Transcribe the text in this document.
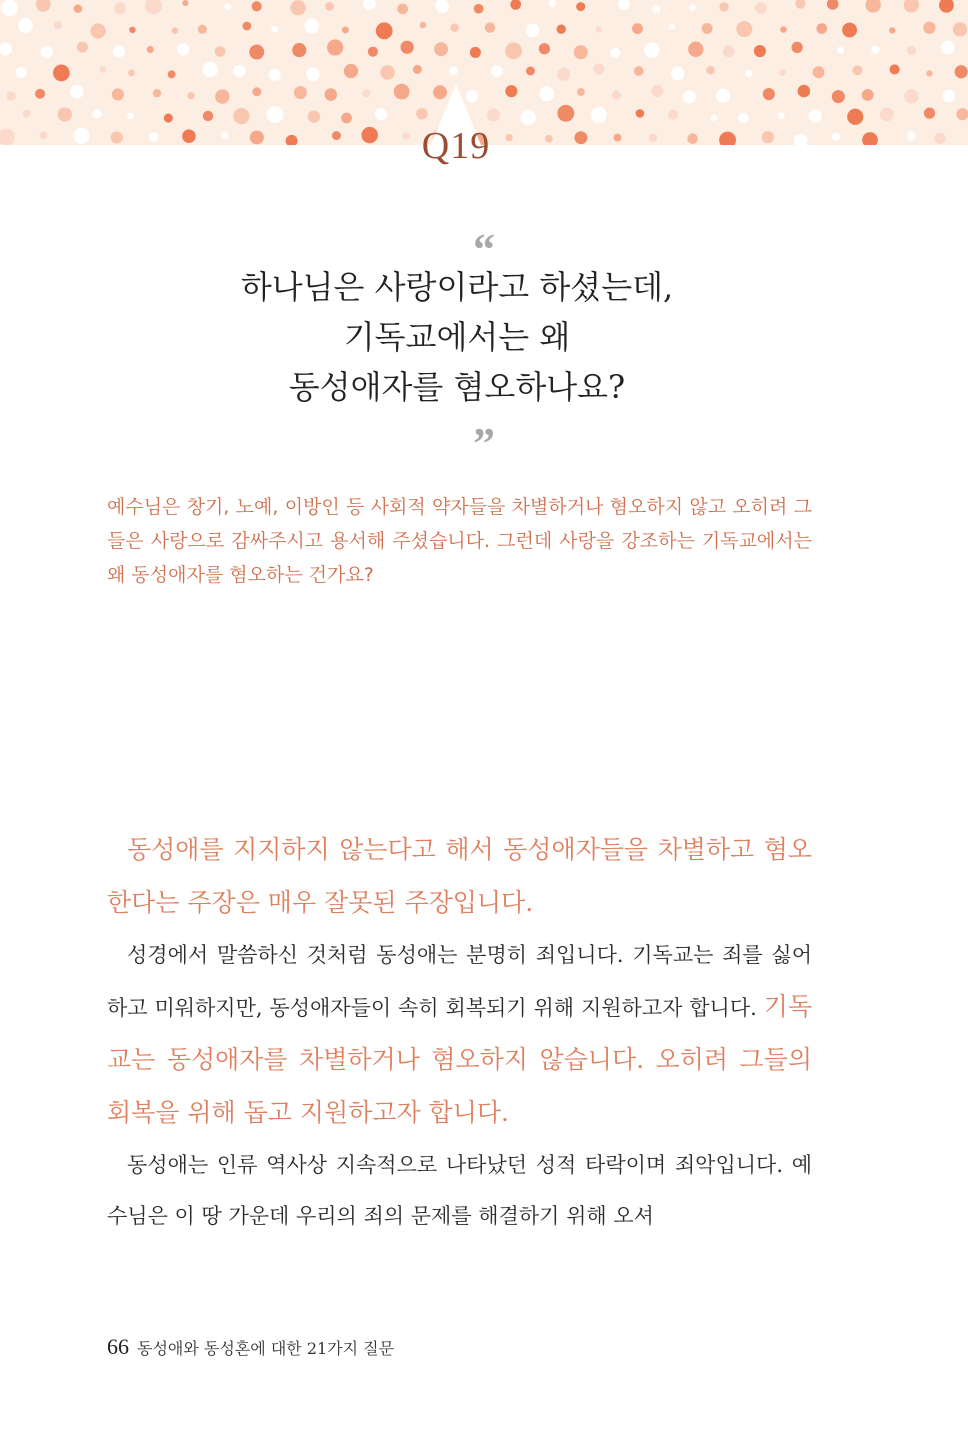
Q19
“
하나님은 사랑이라고 하셨는데,
기독교에서는 왜
동성애자를 혐오하나요?
”

예수님은 창기, 노예, 이방인 등 사회적 약자들을 차별하거나 혐오하지 않고 오히려 그들은 사랑으로 감싸주시고 용서해 주셨습니다. 그런데 사랑을 강조하는 기독교에서는 왜 동성애자를 혐오하는 건가요?

동성애를 지지하지 않는다고 해서 동성애자들을 차별하고 혐오한다는 주장은 매우 잘못된 주장입니다.

성경에서 말씀하신 것처럼 동성애는 분명히 죄입니다. 기독교는 죄를 싫어하고 미워하지만, 동성애자들이 속히 회복되기 위해 지원하고자 합니다. 기독교는 동성애자를 차별하거나 혐오하지 않습니다. 오히려 그들의 회복을 위해 돕고 지원하고자 합니다.

동성애는 인류 역사상 지속적으로 나타났던 성적 타락이며 죄악입니다. 예수님은 이 땅 가운데 우리의 죄의 문제를 해결하기 위해 오셔

66 동성애와 동성혼에 대한 21가지 질문
